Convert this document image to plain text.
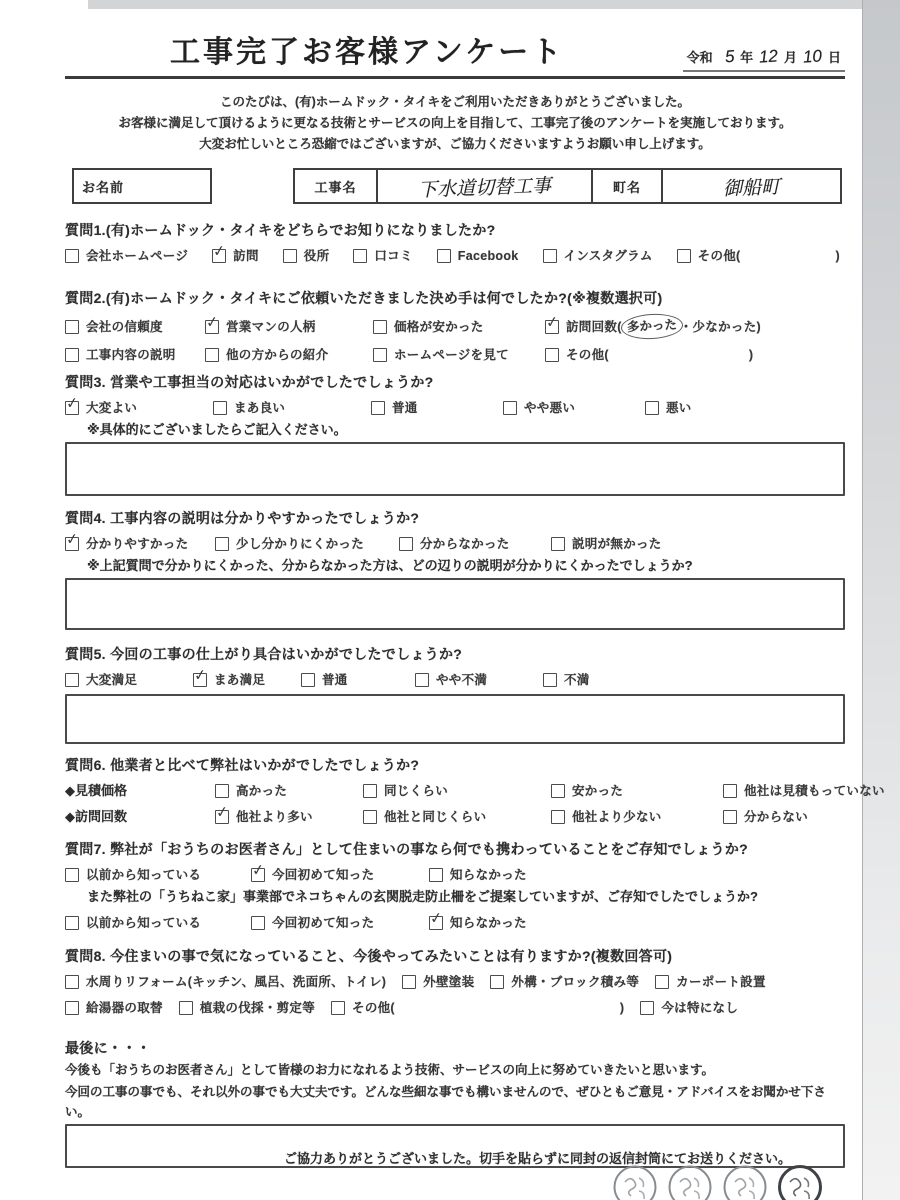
工事完了お客様アンケート	令和 5 年 12 月 10 日
このたびは、(有)ホームドック・タイキをご利用いただきありがとうございました。
お客様に満足して頂けるように更なる技術とサービスの向上を目指して、工事完了後のアンケートを実施しております。
大変お忙しいところ恐縮ではございますが、ご協力くださいますようお願い申し上げます。
お名前	工事名	下水道切替工事	町名	御船町
質問1.(有)ホームドック・タイキをどちらでお知りになりましたか?
会社ホームページ ✓ 訪問	役所	口コミ	Facebook	インスタグラム	その他(	)
質問2.(有)ホームドック・タイキにご依頼いただきました決め手は何でしたか?(※複数選択可)
会社の信頼度	✓ 営業マンの人柄	価格が安かった	✓ 訪問回数( 多かった ・少なかった)
工事内容の説明	他の方からの紹介	ホームページを見て	その他(	)
質問3. 営業や工事担当の対応はいかがでしたでしょうか?
✓ 大変よい	まあ良い	普通	やや悪い	悪い
※具体的にございましたらご記入ください。
質問4. 工事内容の説明は分かりやすかったでしょうか?
✓ 分かりやすかった	少し分かりにくかった	分からなかった	説明が無かった
※上記質問で分かりにくかった、分からなかった方は、どの辺りの説明が分かりにくかったでしょうか?
質問5. 今回の工事の仕上がり具合はいかがでしたでしょうか?
大変満足	✓ まあ満足	普通	やや不満	不満
質問6. 他業者と比べて弊社はいかがでしたでしょうか?
◆見積価格	高かった	同じくらい	安かった	他社は見積もっていない
◆訪問回数	✓ 他社より多い	他社と同じくらい	他社より少ない	分からない
質問7. 弊社が「おうちのお医者さん」として住まいの事なら何でも携わっていることをご存知でしょうか?
以前から知っている	✓ 今回初めて知った	知らなかった
また弊社の「うちねこ家」事業部でネコちゃんの玄関脱走防止柵をご提案していますが、ご存知でしたでしょうか?
以前から知っている	今回初めて知った	✓ 知らなかった
質問8. 今住まいの事で気になっていること、今後やってみたいことは有りますか?(複数回答可)
水周りリフォーム(キッチン、風呂、洗面所、トイレ)	外壁塗装	外構・ブロック積み等	カーポート設置
給湯器の取替	植栽の伐採・剪定等	その他(	)	今は特になし
最後に・・・
今後も「おうちのお医者さん」として皆様のお力になれるよう技術、サービスの向上に努めていきたいと思います。
今回の工事の事でも、それ以外の事でも大丈夫です。どんな些細な事でも構いませんので、ぜひともご意見・アドバイスをお聞かせ下さい。
ご協力ありがとうございました。切手を貼らずに同封の返信封筒にてお送りください。
